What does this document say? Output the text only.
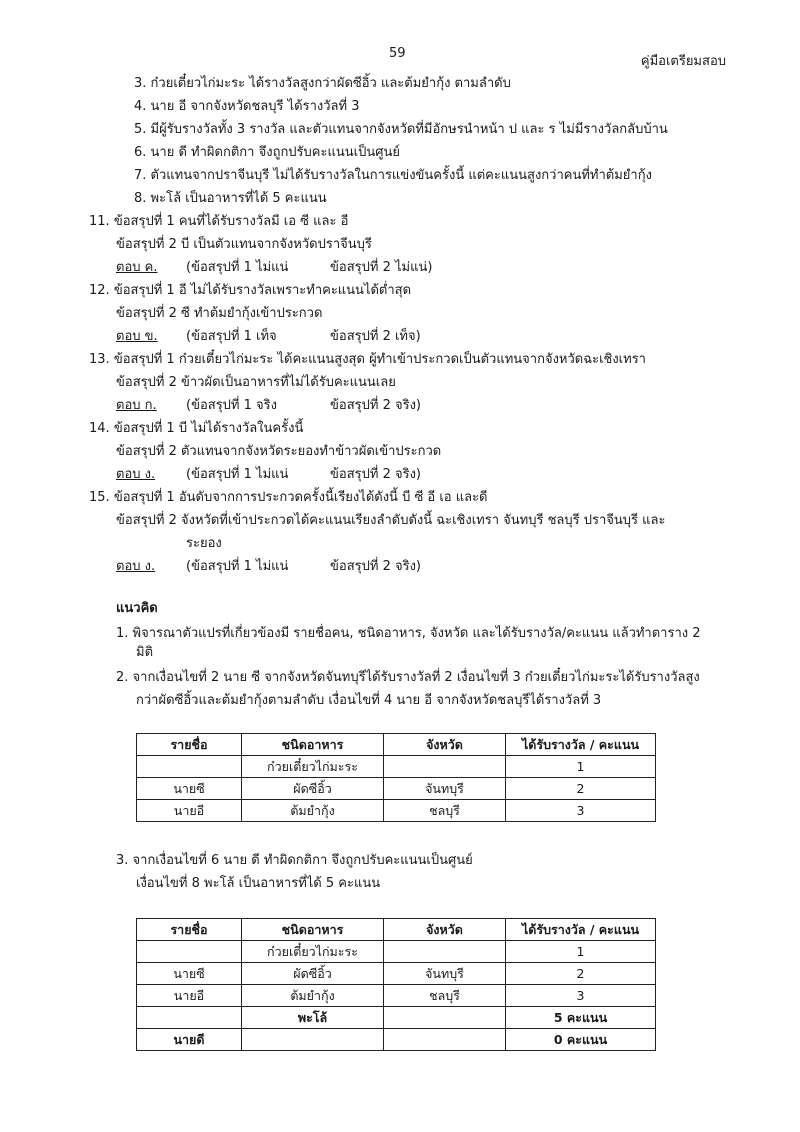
59
คู่มือเตรียมสอบ
3. ก๋วยเตี๋ยวไก่มะระ ได้รางวัลสูงกว่าผัดซีอิ้ว และต้มยำกุ้ง ตามลำดับ
4. นาย อี จากจังหวัดชลบุรี ได้รางวัลที่ 3
5. มีผู้รับรางวัลทั้ง 3 รางวัล และตัวแทนจากจังหวัดที่มีอักษรนำหน้า ป และ ร ไม่มีรางวัลกลับบ้าน
6. นาย ดี ทำผิดกติกา จึงถูกปรับคะแนนเป็นศูนย์
7. ตัวแทนจากปราจีนบุรี ไม่ได้รับรางวัลในการแข่งขันครั้งนี้ แต่คะแนนสูงกว่าคนที่ทำต้มยำกุ้ง
8. พะโล้ เป็นอาหารที่ได้ 5 คะแนน
11. ข้อสรุปที่ 1 คนที่ได้รับรางวัลมี เอ ซี และ อี
ข้อสรุปที่ 2 บี เป็นตัวแทนจากจังหวัดปราจีนบุรี
ตอบ ค. (ข้อสรุปที่ 1 ไม่แน่	ข้อสรุปที่ 2 ไม่แน่)
12. ข้อสรุปที่ 1 อี ไม่ได้รับรางวัลเพราะทำคะแนนได้ต่ำสุด
ข้อสรุปที่ 2 ซี ทำต้มยำกุ้งเข้าประกวด
ตอบ ข. (ข้อสรุปที่ 1 เท็จ	ข้อสรุปที่ 2 เท็จ)
13. ข้อสรุปที่ 1 ก๋วยเตี๋ยวไก่มะระ ได้คะแนนสูงสุด ผู้ทำเข้าประกวดเป็นตัวแทนจากจังหวัดฉะเชิงเทรา
ข้อสรุปที่ 2 ข้าวผัดเป็นอาหารที่ไม่ได้รับคะแนนเลย
ตอบ ก. (ข้อสรุปที่ 1 จริง	ข้อสรุปที่ 2 จริง)
14. ข้อสรุปที่ 1 บี ไม่ได้รางวัลในครั้งนี้
ข้อสรุปที่ 2 ตัวแทนจากจังหวัดระยองทำข้าวผัดเข้าประกวด
ตอบ ง. (ข้อสรุปที่ 1 ไม่แน่	ข้อสรุปที่ 2 จริง)
15. ข้อสรุปที่ 1 อันดับจากการประกวดครั้งนี้เรียงได้ดังนี้ บี ซี อี เอ และดี
ข้อสรุปที่ 2 จังหวัดที่เข้าประกวดได้คะแนนเรียงลำดับดังนี้ ฉะเชิงเทรา จันทบุรี ชลบุรี ปราจีนบุรี และ
ระยอง
ตอบ ง. (ข้อสรุปที่ 1 ไม่แน่	ข้อสรุปที่ 2 จริง)
แนวคิด
1. พิจารณาตัวแปรที่เกี่ยวข้องมี รายชื่อคน, ชนิดอาหาร, จังหวัด และได้รับรางวัล/คะแนน แล้วทำตาราง 2
มิติ
2. จากเงื่อนไขที่ 2 นาย ซี จากจังหวัดจันทบุรีได้รับรางวัลที่ 2 เงื่อนไขที่ 3 ก๋วยเตี๋ยวไก่มะระได้รับรางวัลสูง
กว่าผัดซีอิ้วและต้มยำกุ้งตามลำดับ เงื่อนไขที่ 4 นาย อี จากจังหวัดชลบุรีได้รางวัลที่ 3
รายชื่อ	ชนิดอาหาร	จังหวัด	ได้รับรางวัล / คะแนน
	ก๋วยเตี๋ยวไก่มะระ		1
นายซี	ผัดซีอิ้ว	จันทบุรี	2
นายอี	ต้มยำกุ้ง	ชลบุรี	3
3. จากเงื่อนไขที่ 6 นาย ดี ทำผิดกติกา จึงถูกปรับคะแนนเป็นศูนย์
เงื่อนไขที่ 8 พะโล้ เป็นอาหารที่ได้ 5 คะแนน
รายชื่อ	ชนิดอาหาร	จังหวัด	ได้รับรางวัล / คะแนน
	ก๋วยเตี๋ยวไก่มะระ		1
นายซี	ผัดซีอิ้ว	จันทบุรี	2
นายอี	ต้มยำกุ้ง	ชลบุรี	3
	พะโล้		5 คะแนน
นายดี			0 คะแนน
